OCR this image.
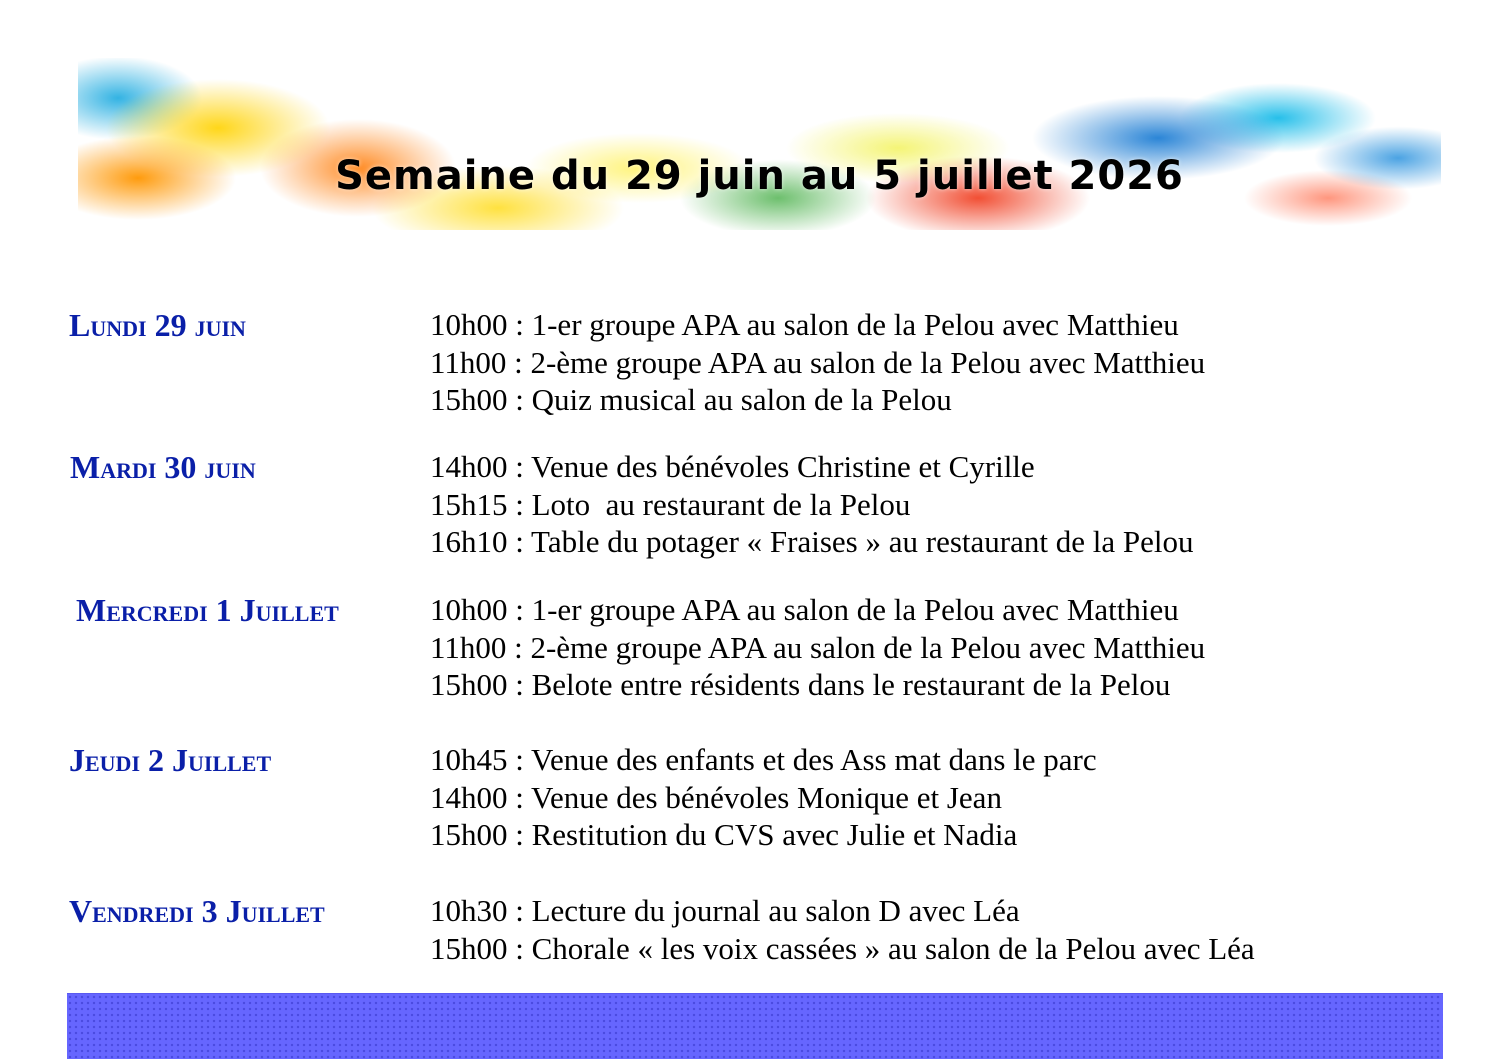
Semaine du 29 juin au 5 juillet 2026
Lundi 29 juin	10h00 : 1-er groupe APA au salon de la Pelou avec Matthieu
11h00 : 2-ème groupe APA au salon de la Pelou avec Matthieu
15h00 : Quiz musical au salon de la Pelou
Mardi 30 juin	14h00 : Venue des bénévoles Christine et Cyrille
15h15 : Loto  au restaurant de la Pelou
16h10 : Table du potager « Fraises » au restaurant de la Pelou
Mercredi 1 Juillet	10h00 : 1-er groupe APA au salon de la Pelou avec Matthieu
11h00 : 2-ème groupe APA au salon de la Pelou avec Matthieu
15h00 : Belote entre résidents dans le restaurant de la Pelou
Jeudi 2 Juillet	10h45 : Venue des enfants et des Ass mat dans le parc
14h00 : Venue des bénévoles Monique et Jean
15h00 : Restitution du CVS avec Julie et Nadia
Vendredi 3 Juillet	10h30 : Lecture du journal au salon D avec Léa
15h00 : Chorale « les voix cassées » au salon de la Pelou avec Léa
